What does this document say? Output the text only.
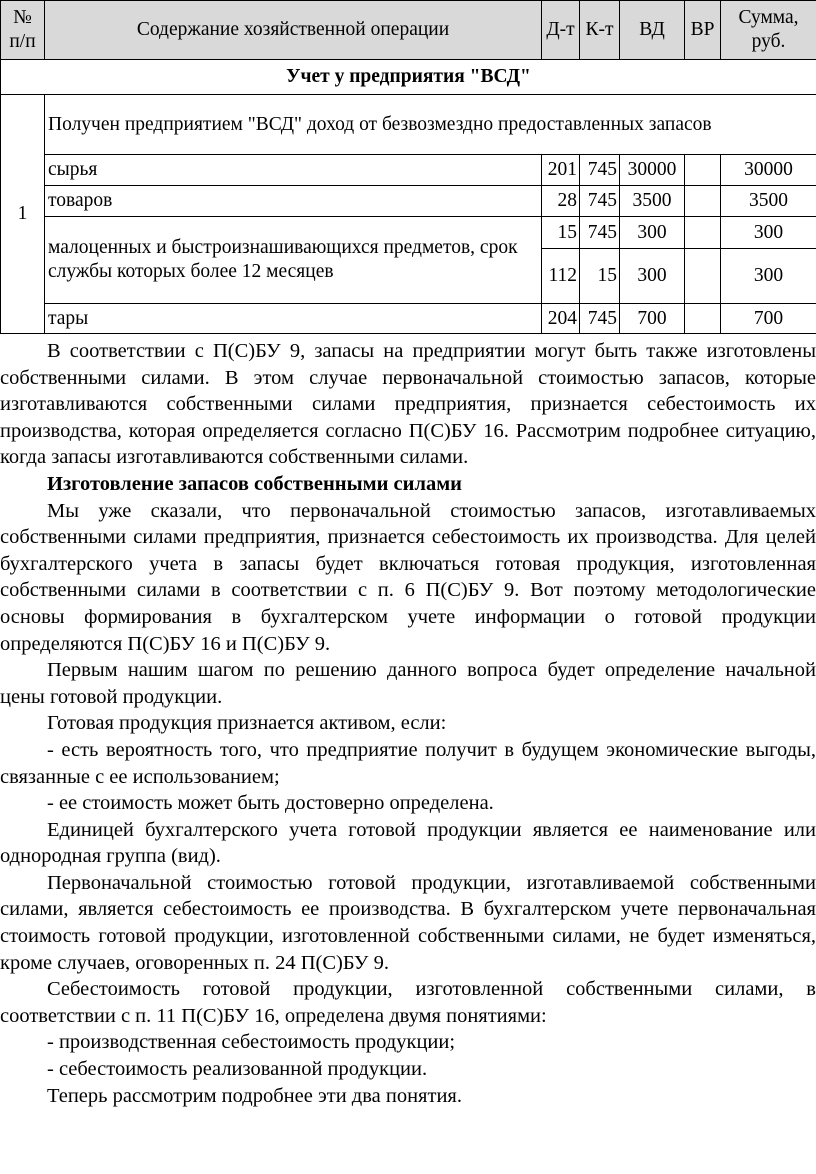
№ п/п	Содержание хозяйственной операции	Д-т	К-т	ВД	ВР	Сумма, руб.
Учет у предприятия "ВСД"						
1	Получен предприятием "ВСД" доход от безвозмездно предоставленных запасов					
	сырья	201	745	30000		30000
	товаров	28	745	3500		3500
	малоценных и быстроизнашивающихся предметов, срок службы которых более 12 месяцев	15	745	300		300
		112	15	300		300
	тары	204	745	700		700

В соответствии с П(С)БУ 9, запасы на предприятии могут быть также изготовлены собственными силами. В этом случае первоначальной стоимостью запасов, которые изготавливаются собственными силами предприятия, признается себестоимость их производства, которая определяется согласно П(С)БУ 16. Рассмотрим подробнее ситуацию, когда запасы изготавливаются собственными силами.

Изготовление запасов собственными силами

Мы уже сказали, что первоначальной стоимостью запасов, изготавливаемых собственными силами предприятия, признается себестоимость их производства. Для целей бухгалтерского учета в запасы будет включаться готовая продукция, изготовленная собственными силами в соответствии с п. 6 П(С)БУ 9. Вот поэтому методологические основы формирования в бухгалтерском учете информации о готовой продукции определяются П(С)БУ 16 и П(С)БУ 9.

Первым нашим шагом по решению данного вопроса будет определение начальной цены готовой продукции.

Готовая продукция признается активом, если:

- есть вероятность того, что предприятие получит в будущем экономические выгоды, связанные с ее использованием;

- ее стоимость может быть достоверно определена.

Единицей бухгалтерского учета готовой продукции является ее наименование или однородная группа (вид).

Первоначальной стоимостью готовой продукции, изготавливаемой собственными силами, является себестоимость ее производства. В бухгалтерском учете первоначальная стоимость готовой продукции, изготовленной собственными силами, не будет изменяться, кроме случаев, оговоренных п. 24 П(С)БУ 9.

Себестоимость готовой продукции, изготовленной собственными силами, в соответствии с п. 11 П(С)БУ 16, определена двумя понятиями:

- производственная себестоимость продукции;

- себестоимость реализованной продукции.

Теперь рассмотрим подробнее эти два понятия.
